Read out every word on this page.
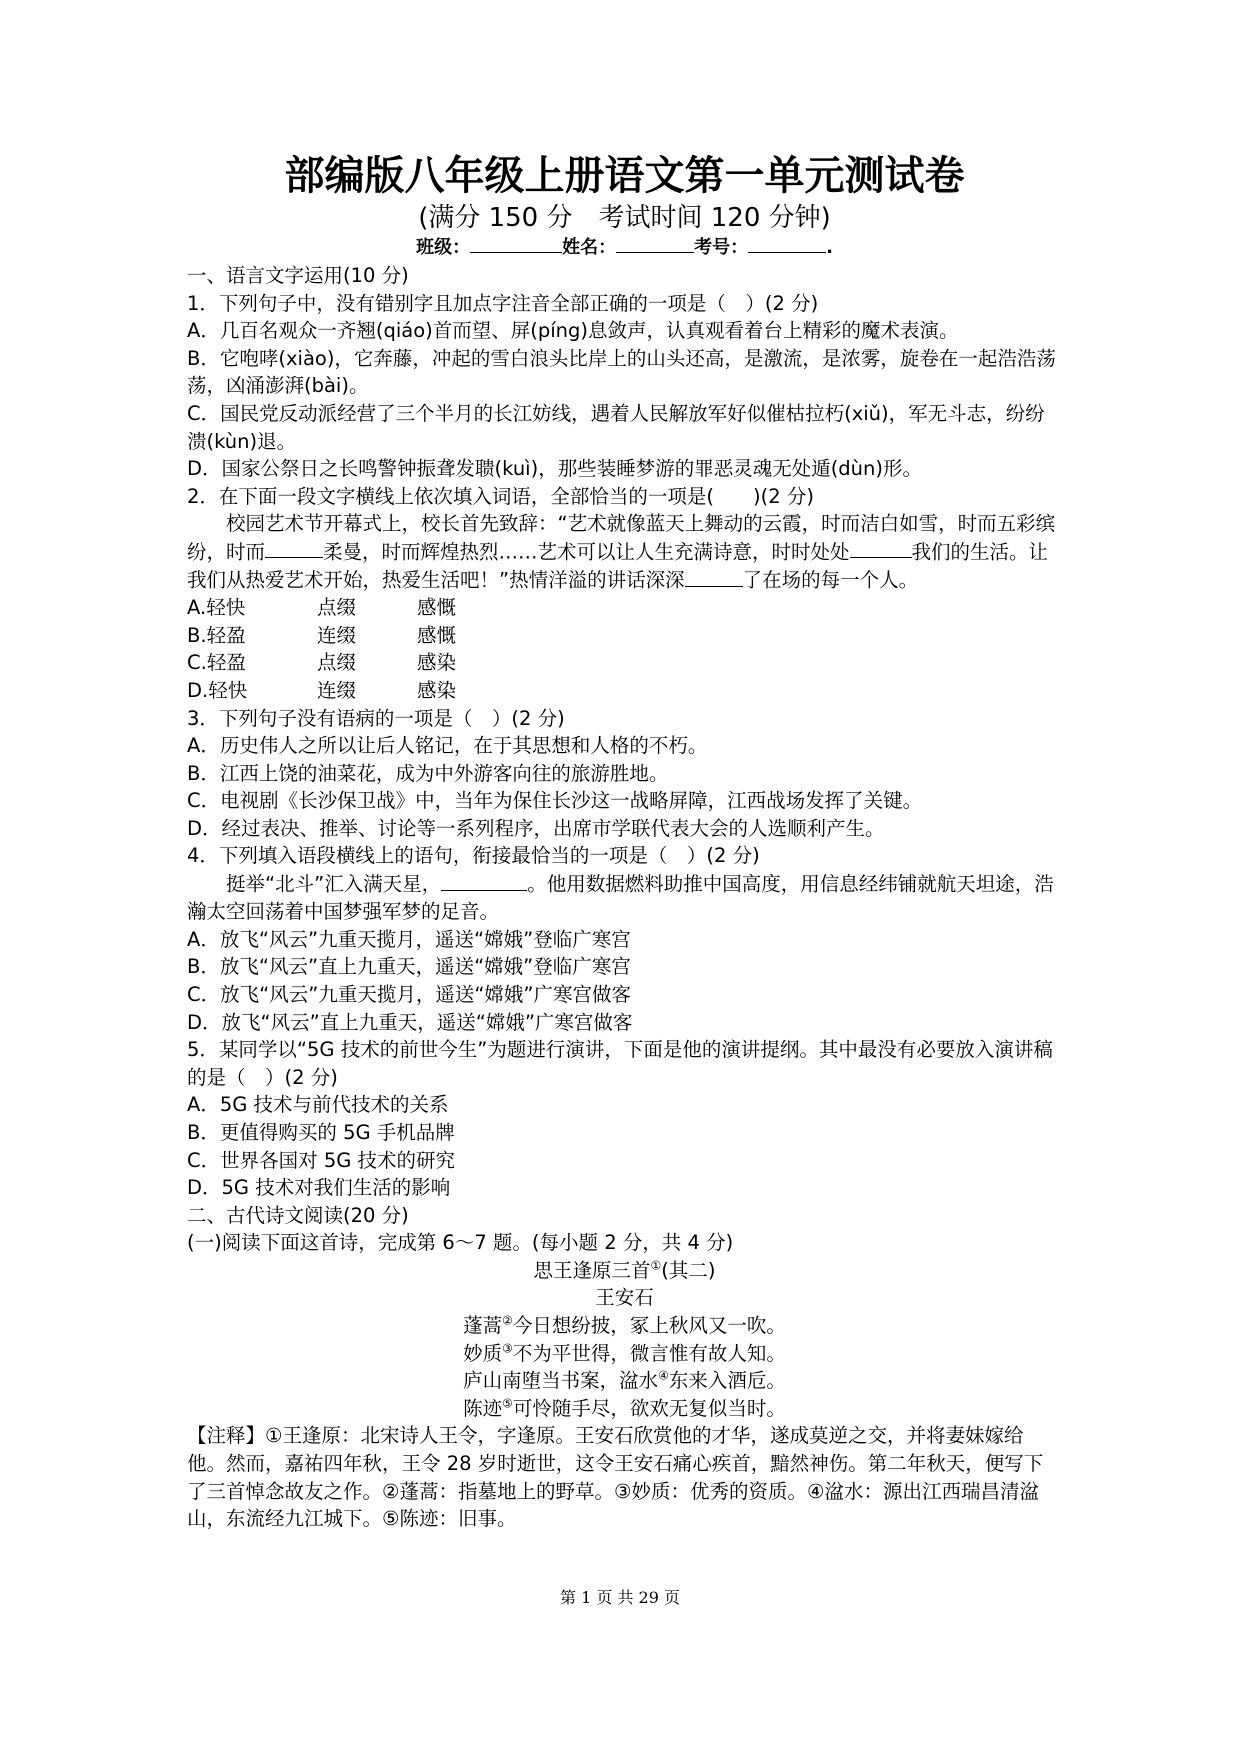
部编版八年级上册语文第一单元测试卷

(满分 150 分　考试时间 120 分钟)

班级：	姓名：	考号：	.

一、语言文字运用(10 分)

1．下列句子中，没有错别字且加点字注音全部正确的一项是（　）(2 分)

A．几百名观众一齐翘(qiáo)首而望、屏(píng)息敛声，认真观看着台上精彩的魔术表演。

B．它咆哮(xiào)，它奔藤，冲起的雪白浪头比岸上的山头还高，是激流，是浓雾，旋卷在一起浩浩荡荡，凶涌澎湃(bài)。

C．国民党反动派经营了三个半月的长江妨线，遇着人民解放军好似催枯拉朽(xiǔ)，军无斗志，纷纷溃(kùn)退。

D．国家公祭日之长鸣警钟振聋发聩(kuì)，那些装睡梦游的罪恶灵魂无处遁(dùn)形。

2．在下面一段文字横线上依次填入词语，全部恰当的一项是(　　)(2 分)

校园艺术节开幕式上，校长首先致辞：“艺术就像蓝天上舞动的云霞，时而洁白如雪，时而五彩缤纷，时而	柔曼，时而辉煌热烈……艺术可以让人生充满诗意，时时处处	我们的生活。让我们从热爱艺术开始，热爱生活吧！”热情洋溢的讲话深深	了在场的每一个人。

A.轻快	点缀	感慨
B.轻盈	连缀	感慨
C.轻盈	点缀	感染
D.轻快	连缀	感染

3．下列句子没有语病的一项是（　）(2 分)

A．历史伟人之所以让后人铭记，在于其思想和人格的不朽。

B．江西上饶的油菜花，成为中外游客向往的旅游胜地。

C．电视剧《长沙保卫战》中，当年为保住长沙这一战略屏障，江西战场发挥了关键。

D．经过表决、推举、讨论等一系列程序，出席市学联代表大会的人选顺利产生。

4．下列填入语段横线上的语句，衔接最恰当的一项是（　）(2 分)

挺举“北斗”汇入满天星，	。他用数据燃料助推中国高度，用信息经纬铺就航天坦途，浩瀚太空回荡着中国梦强军梦的足音。

A．放飞“风云”九重天揽月，遥送“嫦娥”登临广寒宫

B．放飞“风云”直上九重天，遥送“嫦娥”登临广寒宫

C．放飞“风云”九重天揽月，遥送“嫦娥”广寒宫做客

D．放飞“风云”直上九重天，遥送“嫦娥”广寒宫做客

5．某同学以“5G 技术的前世今生”为题进行演讲，下面是他的演讲提纲。其中最没有必要放入演讲稿的是（　）(2 分)

A．5G 技术与前代技术的关系

B．更值得购买的 5G 手机品牌

C．世界各国对 5G 技术的研究

D．5G 技术对我们生活的影响

二、古代诗文阅读(20 分)

(一)阅读下面这首诗，完成第 6～7 题。(每小题 2 分，共 4 分)

思王逢原三首①(其二)

王安石

蓬蒿②今日想纷披，冢上秋风又一吹。

妙质③不为平世得，微言惟有故人知。

庐山南堕当书案，湓水④东来入酒卮。

陈迹⑤可怜随手尽，欲欢无复似当时。

【注释】①王逢原：北宋诗人王令，字逢原。王安石欣赏他的才华，遂成莫逆之交，并将妻妹嫁给他。然而，嘉祐四年秋，王令 28 岁时逝世，这令王安石痛心疾首，黯然神伤。第二年秋天，便写下了三首悼念故友之作。②蓬蒿：指墓地上的野草。③妙质：优秀的资质。④湓水：源出江西瑞昌清湓山，东流经九江城下。⑤陈迹：旧事。

第 1 页 共 29 页
